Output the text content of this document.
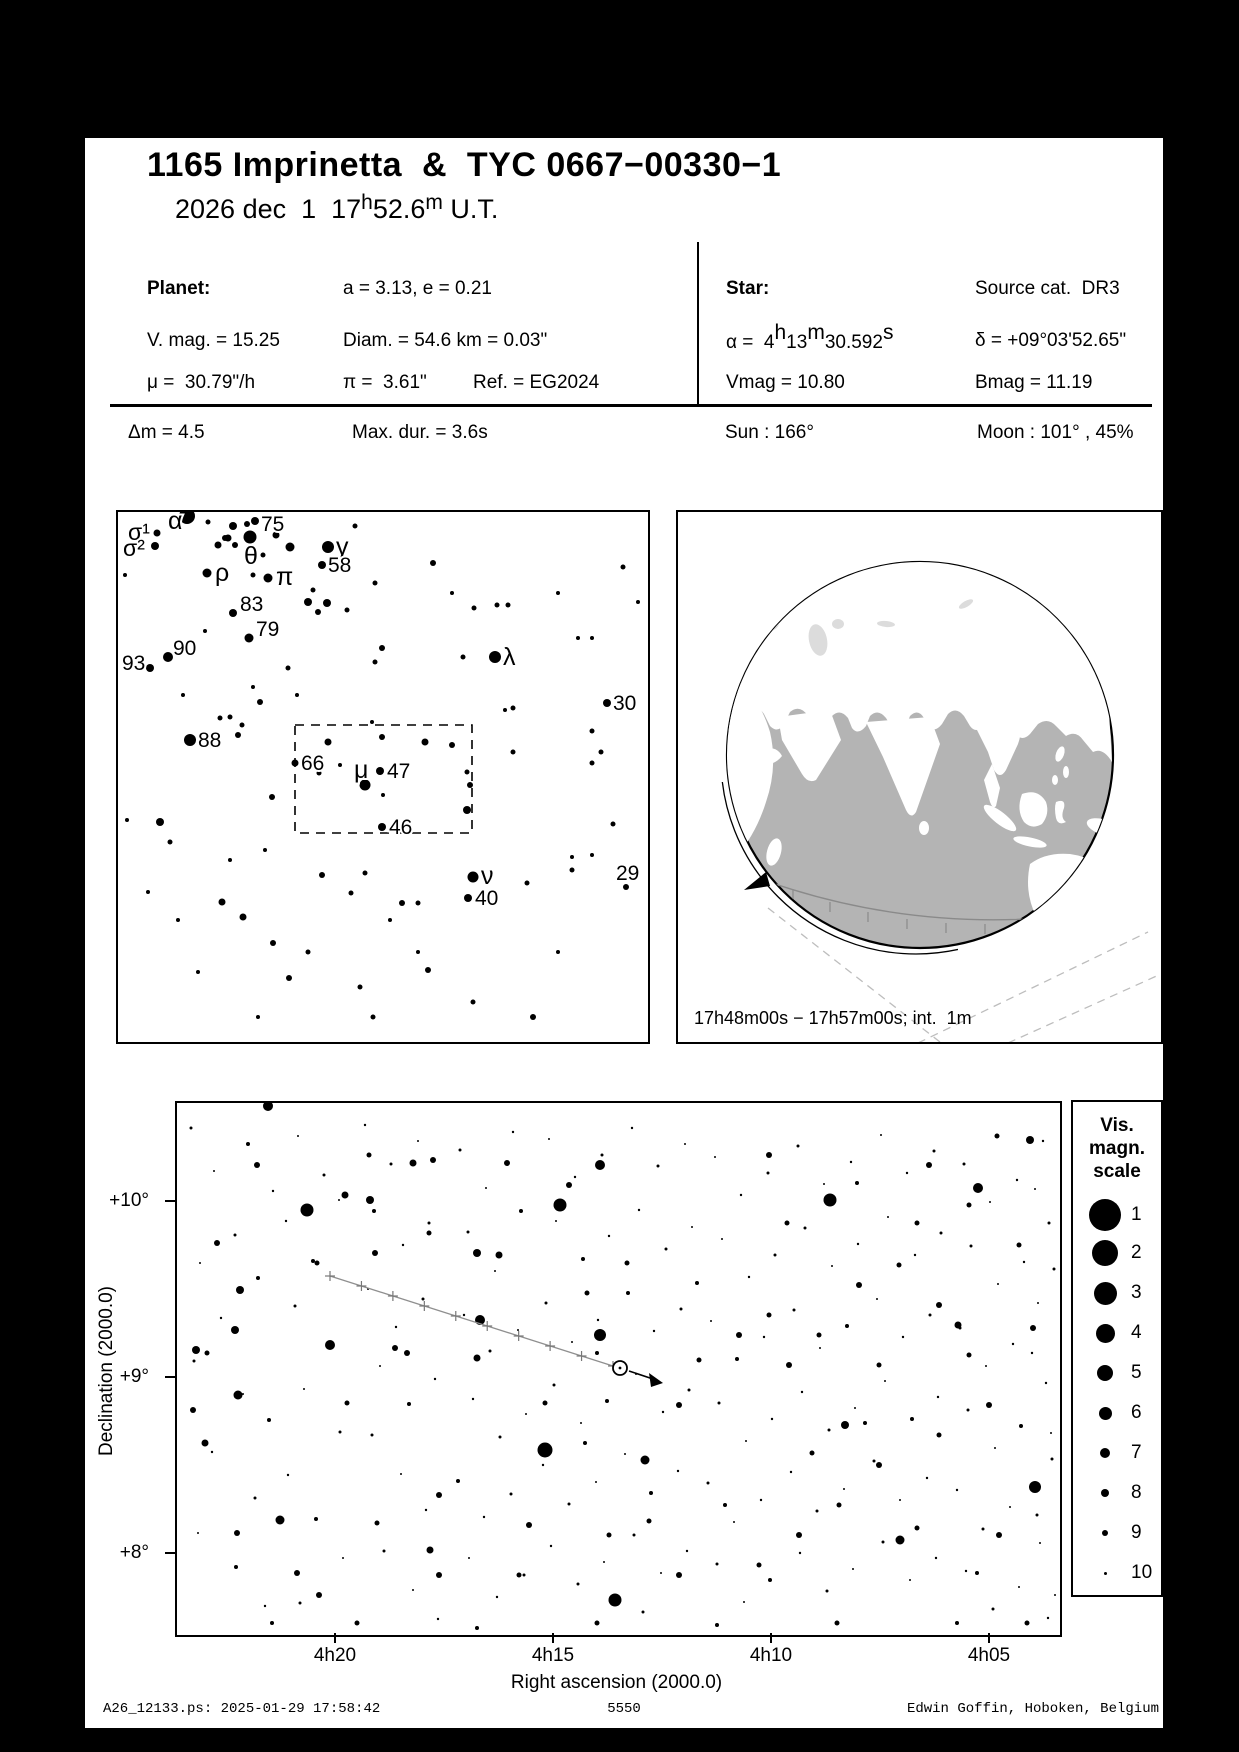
1165 Imprinetta  &  TYC 0667−00330−1
2026 dec  1  17$^h$52.6$^m$ U.T.
Planet:	a = 3.13, e = 0.21
V. mag. = 15.25	Diam. = 54.6 km = 0.03"
μ =  30.79"/h	π =  3.61" Ref. = EG2024
Star:	Source cat.  DR3
α =  4h13m30.592s	δ = +09°03'52.65"
Vmag = 10.80	Bmag = 11.19
Δm = 4.5	Max. dur. = 3.6s	Sun : 166°	Moon : 101° , 45%
σ¹
σ²
α	75
θ	γ
58
ρ π
83
79
90
93	λ
30
88
66 μ 47
46
ν
40
29
17h48m00s − 17h57m00s; int.  1m
+10°
+9°
+8°
4h20	4h15	4h10	4h05
Right ascension (2000.0)
Declination (2000.0)
Vis.
magn.
scale
1
2
3
4
5
6
7
8
9
10
A26_12133.ps: 2025-01-29 17:58:42	5550	Edwin Goffin, Hoboken, Belgium
